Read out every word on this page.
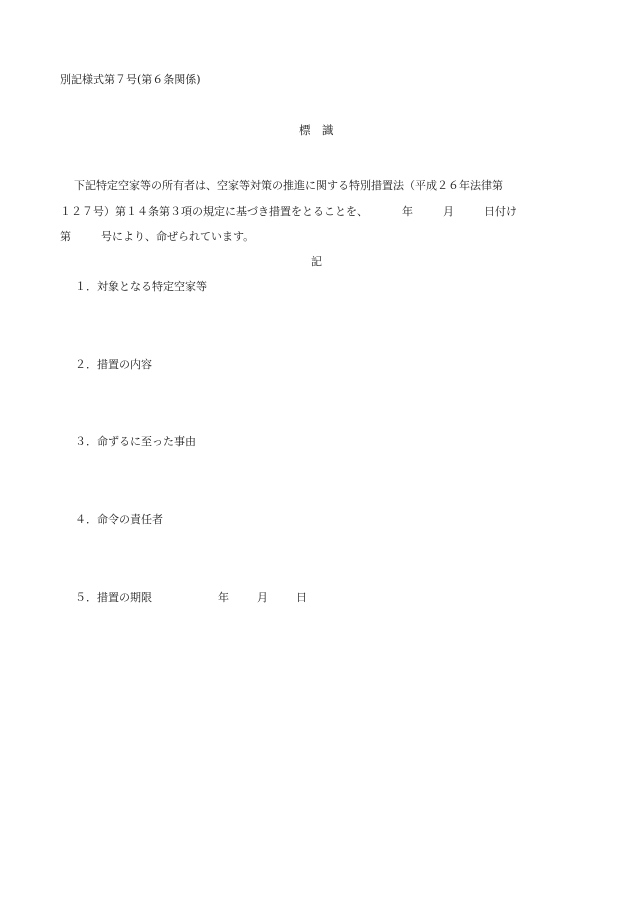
別記様式第７号(第６条関係)
標　識
下記特定空家等の所有者は、空家等対策の推進に関する特別措置法（平成２６年法律第
１２７号）第１４条第３項の規定に基づき措置をとることを、	年	月	日付け
第	号により、命ぜられています。
記
１．対象となる特定空家等
２．措置の内容
３．命ずるに至った事由
４．命令の責任者
５．措置の期限	年	月	日
